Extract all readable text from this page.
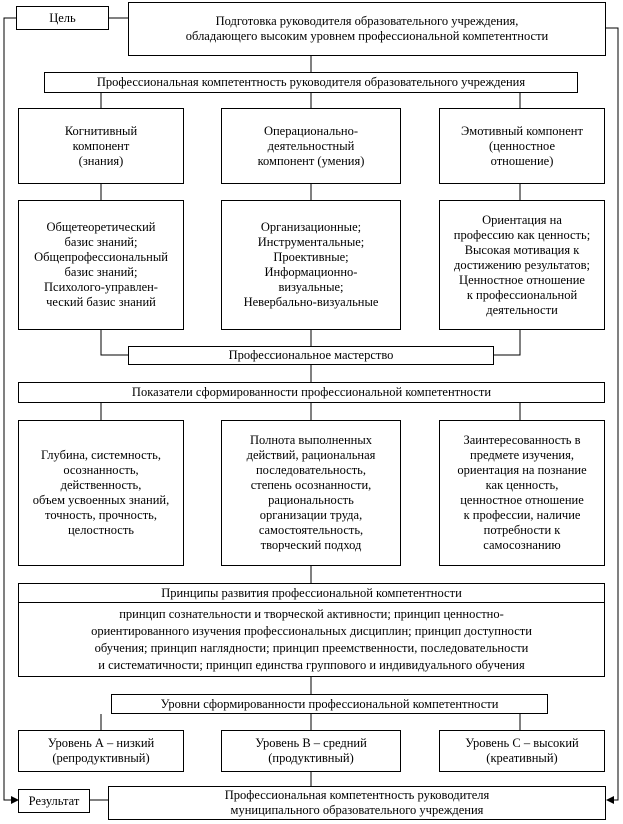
Цель	Подготовка руководителя образовательного учреждения,
обладающего высоким уровнем профессиональной компетентности
Профессиональная компетентность руководителя образовательного учреждения
Когнитивный
компонент
(знания)
Операционально-
деятельностный
компонент (умения)
Эмотивный компонент
(ценностное
отношение)
Общетеоретический
базис знаний;
Общепрофессиональный
базис знаний;
Психолого-управлен-
ческий базис знаний
Организационные;
Инструментальные;
Проективные;
Информационно-
визуальные;
Невербально-визуальные
Ориентация на
профессию как ценность;
Высокая мотивация к
достижению результатов;
Ценностное отношение
к профессиональной
деятельности
Профессиональное мастерство
Показатели сформированности профессиональной компетентности
Глубина, системность,
осознанность,
действенность,
объем усвоенных знаний,
точность, прочность,
целостность
Полнота выполненных
действий, рациональная
последовательность,
степень осознанности,
рациональность
организации труда,
самостоятельность,
творческий подход
Заинтересованность в
предмете изучения,
ориентация на познание
как ценность,
ценностное отношение
к профессии, наличие
потребности к
самосознанию
Принципы развития профессиональной компетентности
принцип сознательности и творческой активности; принцип ценностно-
ориентированного изучения профессиональных дисциплин; принцип доступности
обучения; принцип наглядности; принцип преемственности, последовательности
и систематичности; принцип единства группового и индивидуального обучения
Уровни сформированности профессиональной компетентности
Уровень А – низкий
(репродуктивный)
Уровень В – средний
(продуктивный)
Уровень С – высокий
(креативный)
Результат	Профессиональная компетентность руководителя
муниципального образовательного учреждения
